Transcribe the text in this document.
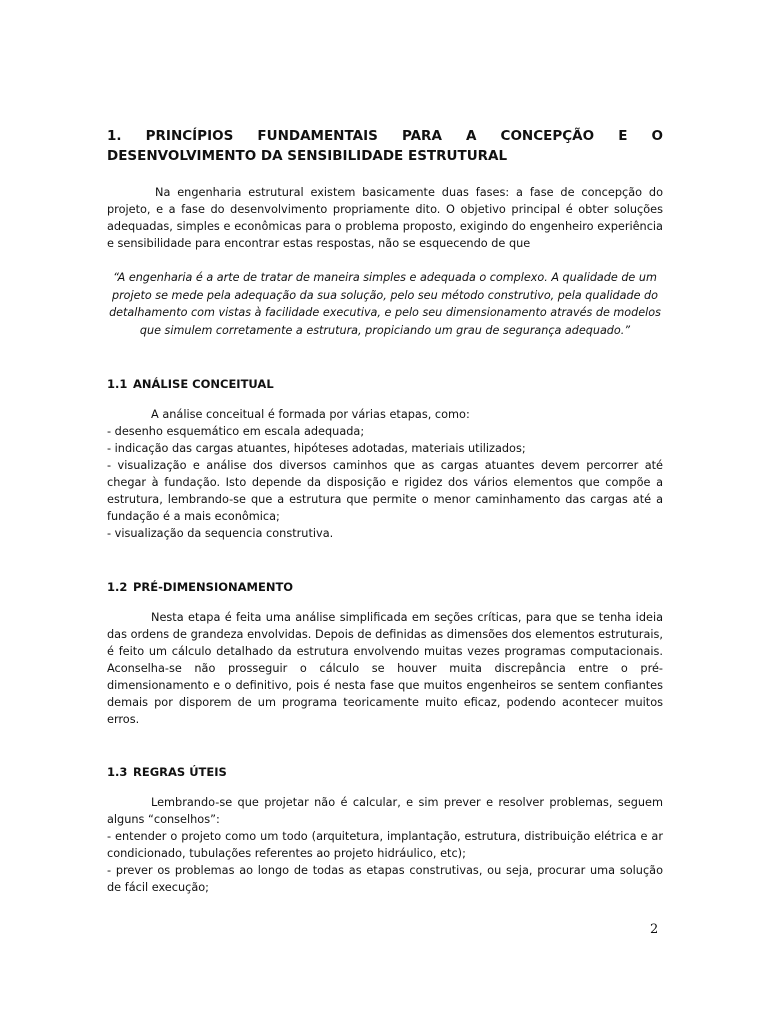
1. PRINCÍPIOS FUNDAMENTAIS PARA A CONCEPÇÃO E O
DESENVOLVIMENTO DA SENSIBILIDADE ESTRUTURAL

Na engenharia estrutural existem basicamente duas fases: a fase de concepção do projeto, e a fase do desenvolvimento propriamente dito. O objetivo principal é obter soluções adequadas, simples e econômicas para o problema proposto, exigindo do engenheiro experiência e sensibilidade para encontrar estas respostas, não se esquecendo de que

“A engenharia é a arte de tratar de maneira simples e adequada o complexo. A qualidade de um projeto se mede pela adequação da sua solução, pelo seu método construtivo, pela qualidade do detalhamento com vistas à facilidade executiva, e pelo seu dimensionamento através de modelos que simulem corretamente a estrutura, propiciando um grau de segurança adequado.”

1.1 ANÁLISE CONCEITUAL

A análise conceitual é formada por várias etapas, como:

- desenho esquemático em escala adequada;

- indicação das cargas atuantes, hipóteses adotadas, materiais utilizados;

- visualização e análise dos diversos caminhos que as cargas atuantes devem percorrer até chegar à fundação. Isto depende da disposição e rigidez dos vários elementos que compõe a estrutura, lembrando-se que a estrutura que permite o menor caminhamento das cargas até a fundação é a mais econômica;

- visualização da sequencia construtiva.

1.2 PRÉ-DIMENSIONAMENTO

Nesta etapa é feita uma análise simplificada em seções críticas, para que se tenha ideia das ordens de grandeza envolvidas. Depois de definidas as dimensões dos elementos estruturais, é feito um cálculo detalhado da estrutura envolvendo muitas vezes programas computacionais. Aconselha-se não prosseguir o cálculo se houver muita discrepância entre o pré-dimensionamento e o definitivo, pois é nesta fase que muitos engenheiros se sentem confiantes demais por disporem de um programa teoricamente muito eficaz, podendo acontecer muitos erros.

1.3 REGRAS ÚTEIS

Lembrando-se que projetar não é calcular, e sim prever e resolver problemas, seguem alguns “conselhos”:

- entender o projeto como um todo (arquitetura, implantação, estrutura, distribuição elétrica e ar condicionado, tubulações referentes ao projeto hidráulico, etc);

- prever os problemas ao longo de todas as etapas construtivas, ou seja, procurar uma solução de fácil execução;

2
